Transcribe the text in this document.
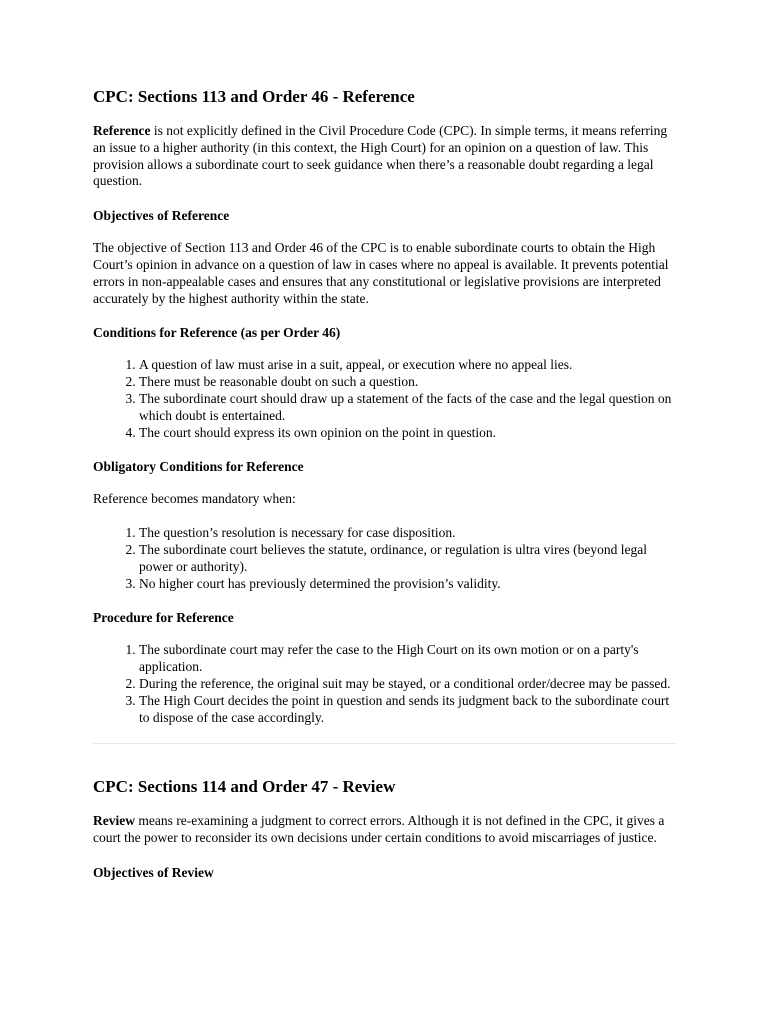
CPC: Sections 113 and Order 46 - Reference

Reference is not explicitly defined in the Civil Procedure Code (CPC). In simple terms, it means referring an issue to a higher authority (in this context, the High Court) for an opinion on a question of law. This provision allows a subordinate court to seek guidance when there’s a reasonable doubt regarding a legal question.

Objectives of Reference

The objective of Section 113 and Order 46 of the CPC is to enable subordinate courts to obtain the High Court’s opinion in advance on a question of law in cases where no appeal is available. It prevents potential errors in non-appealable cases and ensures that any constitutional or legislative provisions are interpreted accurately by the highest authority within the state.

Conditions for Reference (as per Order 46)
1. A question of law must arise in a suit, appeal, or execution where no appeal lies.
2. There must be reasonable doubt on such a question.
3. The subordinate court should draw up a statement of the facts of the case and the legal question on which doubt is entertained.
4. The court should express its own opinion on the point in question.
Obligatory Conditions for Reference

Reference becomes mandatory when:

1. The question’s resolution is necessary for case disposition.
2. The subordinate court believes the statute, ordinance, or regulation is ultra vires (beyond legal power or authority).
3. No higher court has previously determined the provision’s validity.
Procedure for Reference
1. The subordinate court may refer the case to the High Court on its own motion or on a party's application.
2. During the reference, the original suit may be stayed, or a conditional order/decree may be passed.
3. The High Court decides the point in question and sends its judgment back to the subordinate court to dispose of the case accordingly.
CPC: Sections 114 and Order 47 - Review

Review means re-examining a judgment to correct errors. Although it is not defined in the CPC, it gives a court the power to reconsider its own decisions under certain conditions to avoid miscarriages of justice.

Objectives of Review
